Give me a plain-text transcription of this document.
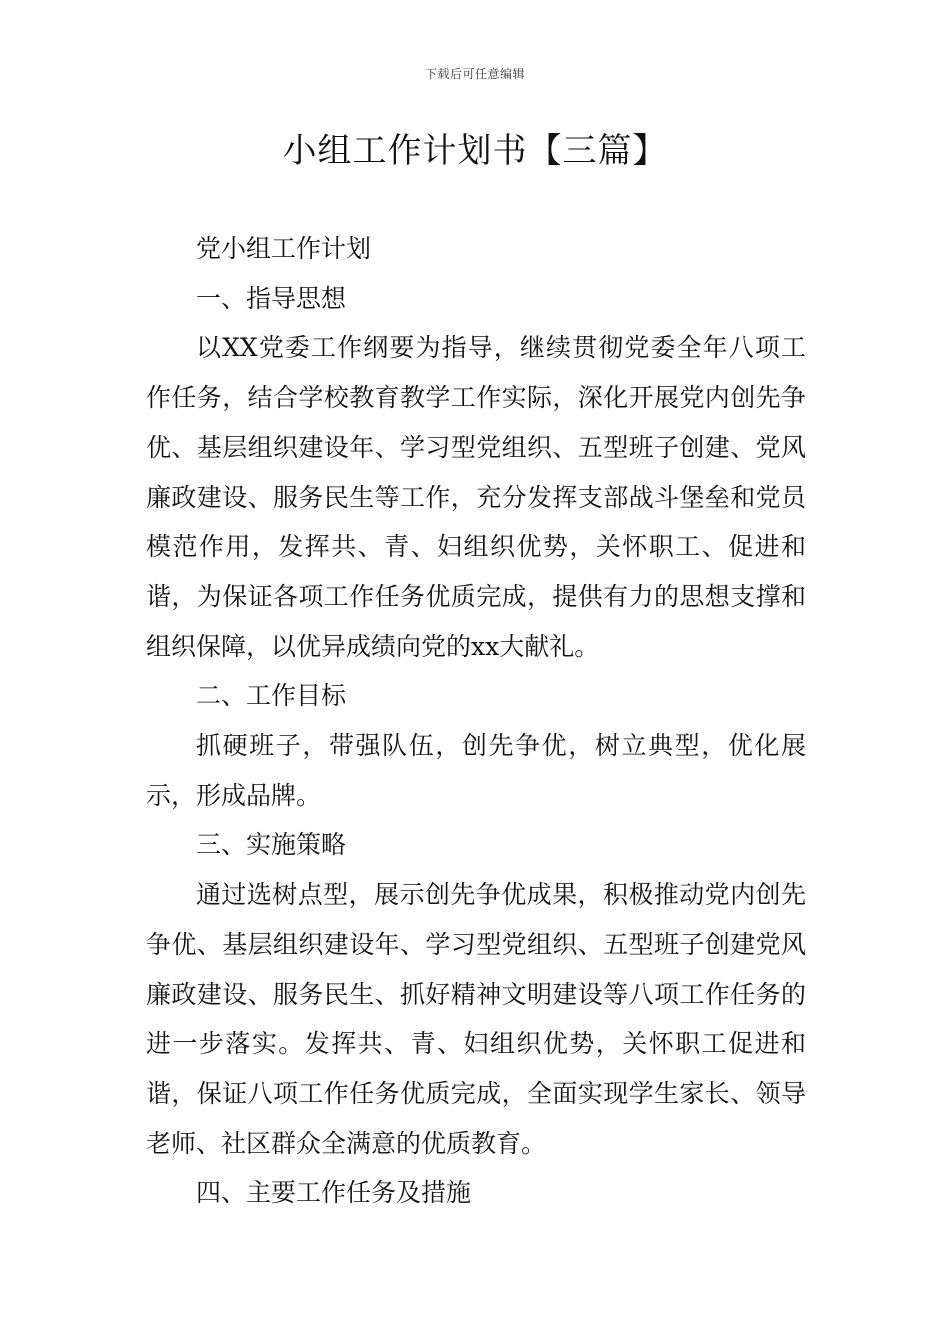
下载后可任意编辑
小组工作计划书【三篇】

党小组工作计划

一、指导思想

以XX党委工作纲要为指导，继续贯彻党委全年八项工作任务，结合学校教育教学工作实际，深化开展党内创先争优、基层组织建设年、学习型党组织、五型班子创建、党风廉政建设、服务民生等工作，充分发挥支部战斗堡垒和党员模范作用，发挥共、青、妇组织优势，关怀职工、促进和谐，为保证各项工作任务优质完成，提供有力的思想支撑和组织保障，以优异成绩向党的xx大献礼。

二、工作目标

抓硬班子，带强队伍，创先争优，树立典型，优化展示，形成品牌。

三、实施策略

通过选树点型，展示创先争优成果，积极推动党内创先争优、基层组织建设年、学习型党组织、五型班子创建党风廉政建设、服务民生、抓好精神文明建设等八项工作任务的进一步落实。发挥共、青、妇组织优势，关怀职工促进和谐，保证八项工作任务优质完成，全面实现学生家长、领导老师、社区群众全满意的优质教育。

四、主要工作任务及措施
